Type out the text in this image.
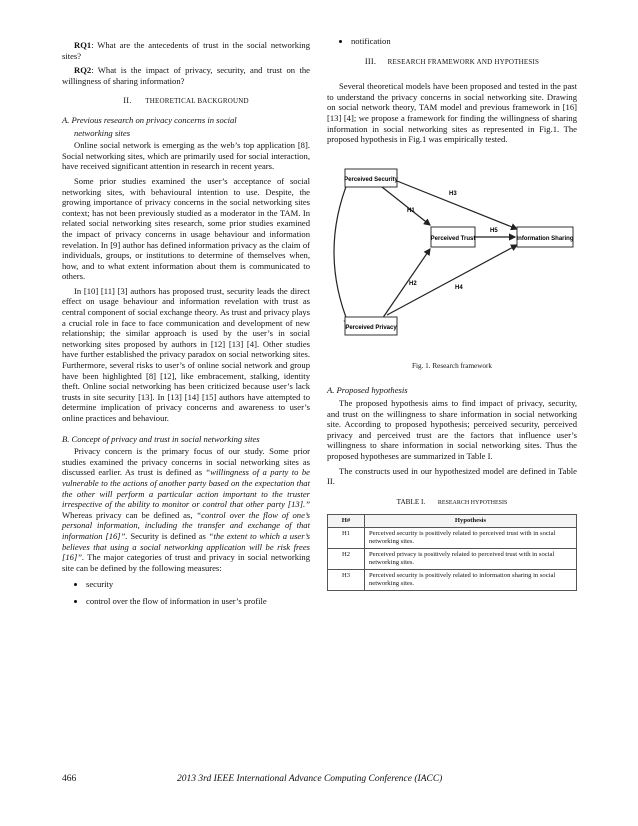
RQ1: What are the antecedents of trust in the social networking sites?

RQ2: What is the impact of privacy, security, and trust on the willingness of sharing information?

II. THEORETICAL BACKGROUND
A. Previous research on privacy concerns in social
networking sites

Online social network is emerging as the web’s top application [8]. Social networking sites, which are primarily used for social interaction, have received significant attention in research in recent years.

Some prior studies examined the user’s acceptance of social networking sites, with behavioural intention to use. Despite, the growing importance of privacy concerns in the social networking sites context; has not been previously studied as a moderator in the TAM. In related social networking sites research, some prior studies examined the impact of privacy concerns in usage behaviour and information revelation. In [9] author has defined information privacy as the claim of individuals, groups, or institutions to determine of themselves when, how, and to what extent information about them is communicated to others.

In [10] [11] [3] authors has proposed trust, security leads the direct effect on usage behaviour and information revelation with trust as central component of social exchange theory. As trust and privacy plays a crucial role in face to face communication and development of new relationship; the similar approach is used by the user’s in social networking sites proposed by authors in [12] [13] [4]. Other studies have further established the privacy paradox on social networking sites. Furthermore, several risks to user’s of online social network and group have been highlighted [8] [12], like embracement, stalking, identity theft. Online social networking has been criticized because user’s lack trusts in site security [13]. In [13] [14] [15] authors have attempted to determine implication of privacy concerns and awareness to user’s online practices and behaviour.

B. Concept of privacy and trust in social networking sites

Privacy concern is the primary focus of our study. Some prior studies examined the privacy concerns in social networking sites as discussed earlier. As trust is defined as “willingness of a party to be vulnerable to the actions of another party based on the expectation that the other will perform a particular action important to the truster irrespective of the ability to monitor or control that other party [13].” Whereas privacy can be defined as, “control over the flow of one’s personal information, including the transfer and exchange of that information [16]”. Security is defined as “the extent to which a user’s believes that using a social networking application will be risk frees [16]”. The major categories of trust and privacy in social networking site can be defined by the following measures:

• security
• control over the flow of information in user’s profile
• notification
III. RESEARCH FRAMEWORK AND HYPOTHESIS

Several theoretical models have been proposed and tested in the past to understand the privacy concerns in social networking site. Drawing on social network theory, TAM model and previous framework in [16] [13] [4]; we propose a framework for finding the willingness of sharing information in social networking sites as represented in Fig.1. The proposed hypothesis in Fig.1 was empirically tested.

Perceived Security
Perceived Trust
Perceived Privacy
Information Sharing
H1
H2
H3
H4
H5
Fig. 1. Research framework
A. Proposed hypothesis

The proposed hypothesis aims to find impact of privacy, security, and trust on the willingness to share information in social networking site. According to proposed hypothesis; perceived security, perceived privacy and perceived trust are the factors that influence user’s willingness to share information in social networking sites. Thus the proposed hypotheses are summarized in Table I.

The constructs used in our hypothesized model are defined in Table II.

TABLE I. RESEARCH HYPOTHESIS
H#	Hypothesis
H1	Perceived security is positively related to perceived trust with in social networking sites.
H2	Perceived privacy is positively related to perceived trust with in social networking sites.
H3	Perceived security is positively related to information sharing in social networking sites.
466	2013 3rd IEEE International Advance Computing Conference (IACC)
